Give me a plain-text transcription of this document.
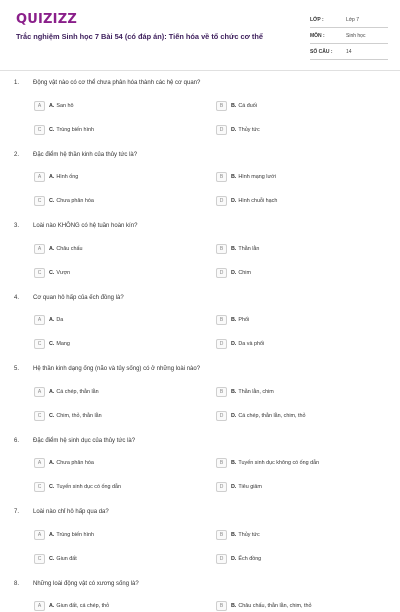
QUIZIZZ
Trắc nghiệm Sinh học 7 Bài 54 (có đáp án): Tiến hóa về tổ chức cơ thể
LỚP :	Lớp 7
MÔN :	Sinh học
SỐ CÂU :	14
1. Động vật nào có cơ thể chưa phân hóa thành các hệ cơ quan?
A	A. San hô	B	B. Cá đuối
C	C. Trùng biến hình	D	D. Thủy tức
2. Đặc điểm hệ thần kinh của thủy tức là?
A	A. Hình ống	B	B. Hình mạng lưới
C	C. Chưa phân hóa	D	D. Hình chuỗi hạch
3. Loài nào KHÔNG có hệ tuần hoàn kín?
A	A. Châu chấu	B	B. Thằn lằn
C	C. Vượn	D	D. Chim
4. Cơ quan hô hấp của ếch đồng là?
A	A. Da	B	B. Phổi
C	C. Mang	D	D. Da và phổi
5. Hệ thần kinh dạng ống (não và tủy sống) có ở những loài nào?
A	A. Cá chép, thằn lằn	B	B. Thằn lằn, chim
C	C. Chim, thỏ, thằn lằn	D	D. Cá chép, thằn lằn, chim, thỏ
6. Đặc điểm hệ sinh dục của thủy tức là?
A	A. Chưa phân hóa	B	B. Tuyến sinh dục không có ống dẫn
C	C. Tuyến sinh dục có ống dẫn	D	D. Tiêu giảm
7. Loài nào chỉ hô hấp qua da?
A	A. Trùng biến hình	B	B. Thủy tức
C	C. Giun đất	D	D. Ếch đồng
8. Những loài động vật có xương sống là?
A	A. Giun đất, cá chép, thỏ	B	B. Châu chấu, thằn lằn, chim, thỏ
